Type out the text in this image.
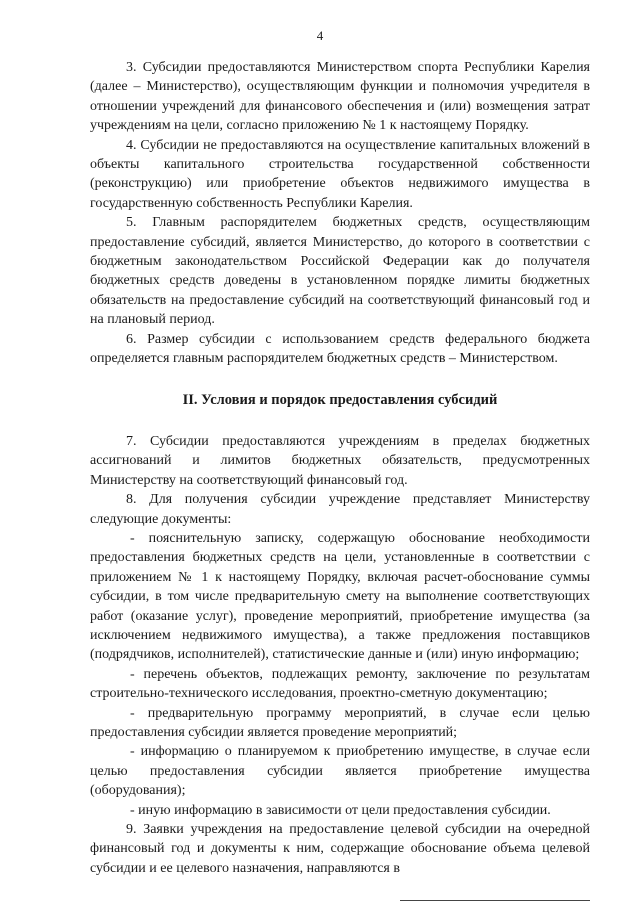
4

3. Субсидии предоставляются Министерством спорта Республики Карелия (далее – Министерство), осуществляющим функции и полномочия учредителя в отношении учреждений для финансового обеспечения и (или) возмещения затрат учреждениям на цели, согласно приложению № 1 к настоящему Порядку.

4. Субсидии не предоставляются на осуществление капитальных вложений в объекты капитального строительства государственной собственности (реконструкцию) или приобретение объектов недвижимого имущества в государственную собственность Республики Карелия.

5. Главным распорядителем бюджетных средств, осуществляющим предоставление субсидий, является Министерство, до которого в соответствии с бюджетным законодательством Российской Федерации как до получателя бюджетных средств доведены в установленном порядке лимиты бюджетных обязательств на предоставление субсидий на соответствующий финансовый год и на плановый период.

6. Размер субсидии с использованием средств федерального бюджета определяется главным распорядителем бюджетных средств – Министерством.

II. Условия и порядок предоставления субсидий

7. Субсидии предоставляются учреждениям в пределах бюджетных ассигнований и лимитов бюджетных обязательств, предусмотренных Министерству на соответствующий финансовый год.

8. Для получения субсидии учреждение представляет Министерству следующие документы:

- пояснительную записку, содержащую обоснование необходимости предоставления бюджетных средств на цели, установленные в соответствии с приложением № 1 к настоящему Порядку, включая расчет-обоснование суммы субсидии, в том числе предварительную смету на выполнение соответствующих работ (оказание услуг), проведение мероприятий, приобретение имущества (за исключением недвижимого имущества), а также предложения поставщиков (подрядчиков, исполнителей), статистические данные и (или) иную информацию;

- перечень объектов, подлежащих ремонту, заключение по результатам строительно-технического исследования, проектно-сметную документацию;

- предварительную программу мероприятий, в случае если целью предоставления субсидии является проведение мероприятий;

- информацию о планируемом к приобретению имуществе, в случае если целью предоставления субсидии является приобретение имущества (оборудования);

- иную информацию в зависимости от цели предоставления субсидии.

9. Заявки учреждения на предоставление целевой субсидии на очередной финансовый год и документы к ним, содержащие обоснование объема целевой субсидии и ее целевого назначения, направляются в
